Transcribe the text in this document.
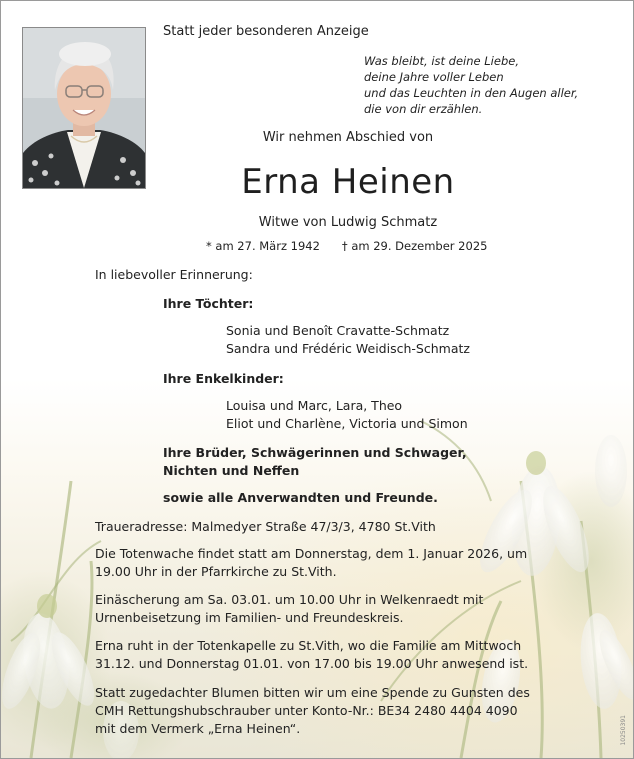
Statt jeder besonderen Anzeige
Was bleibt, ist deine Liebe,
deine Jahre voller Leben
und das Leuchten in den Augen aller,
die von dir erzählen.
Wir nehmen Abschied von
Erna Heinen
Witwe von Ludwig Schmatz
* am 27. März 1942 † am 29. Dezember 2025
In liebevoller Erinnerung:
Ihre Töchter:
Sonia und Benoît Cravatte-Schmatz
Sandra und Frédéric Weidisch-Schmatz
Ihre Enkelkinder:
Louisa und Marc, Lara, Theo
Eliot und Charlène, Victoria und Simon
Ihre Brüder, Schwägerinnen und Schwager,
Nichten und Neffen
sowie alle Anverwandten und Freunde.
Traueradresse: Malmedyer Straße 47/3/3, 4780 St.Vith
Die Totenwache findet statt am Donnerstag, dem 1. Januar 2026, um
19.00 Uhr in der Pfarrkirche zu St.Vith.
Einäscherung am Sa. 03.01. um 10.00 Uhr in Welkenraedt mit
Urnenbeisetzung im Familien- und Freundeskreis.
Erna ruht in der Totenkapelle zu St.Vith, wo die Familie am Mittwoch
31.12. und Donnerstag 01.01. von 17.00 bis 19.00 Uhr anwesend ist.
Statt zugedachter Blumen bitten wir um eine Spende zu Gunsten des
CMH Rettungshubschrauber unter Konto-Nr.: BE34 2480 4404 4090
mit dem Vermerk „Erna Heinen“.	10250391
